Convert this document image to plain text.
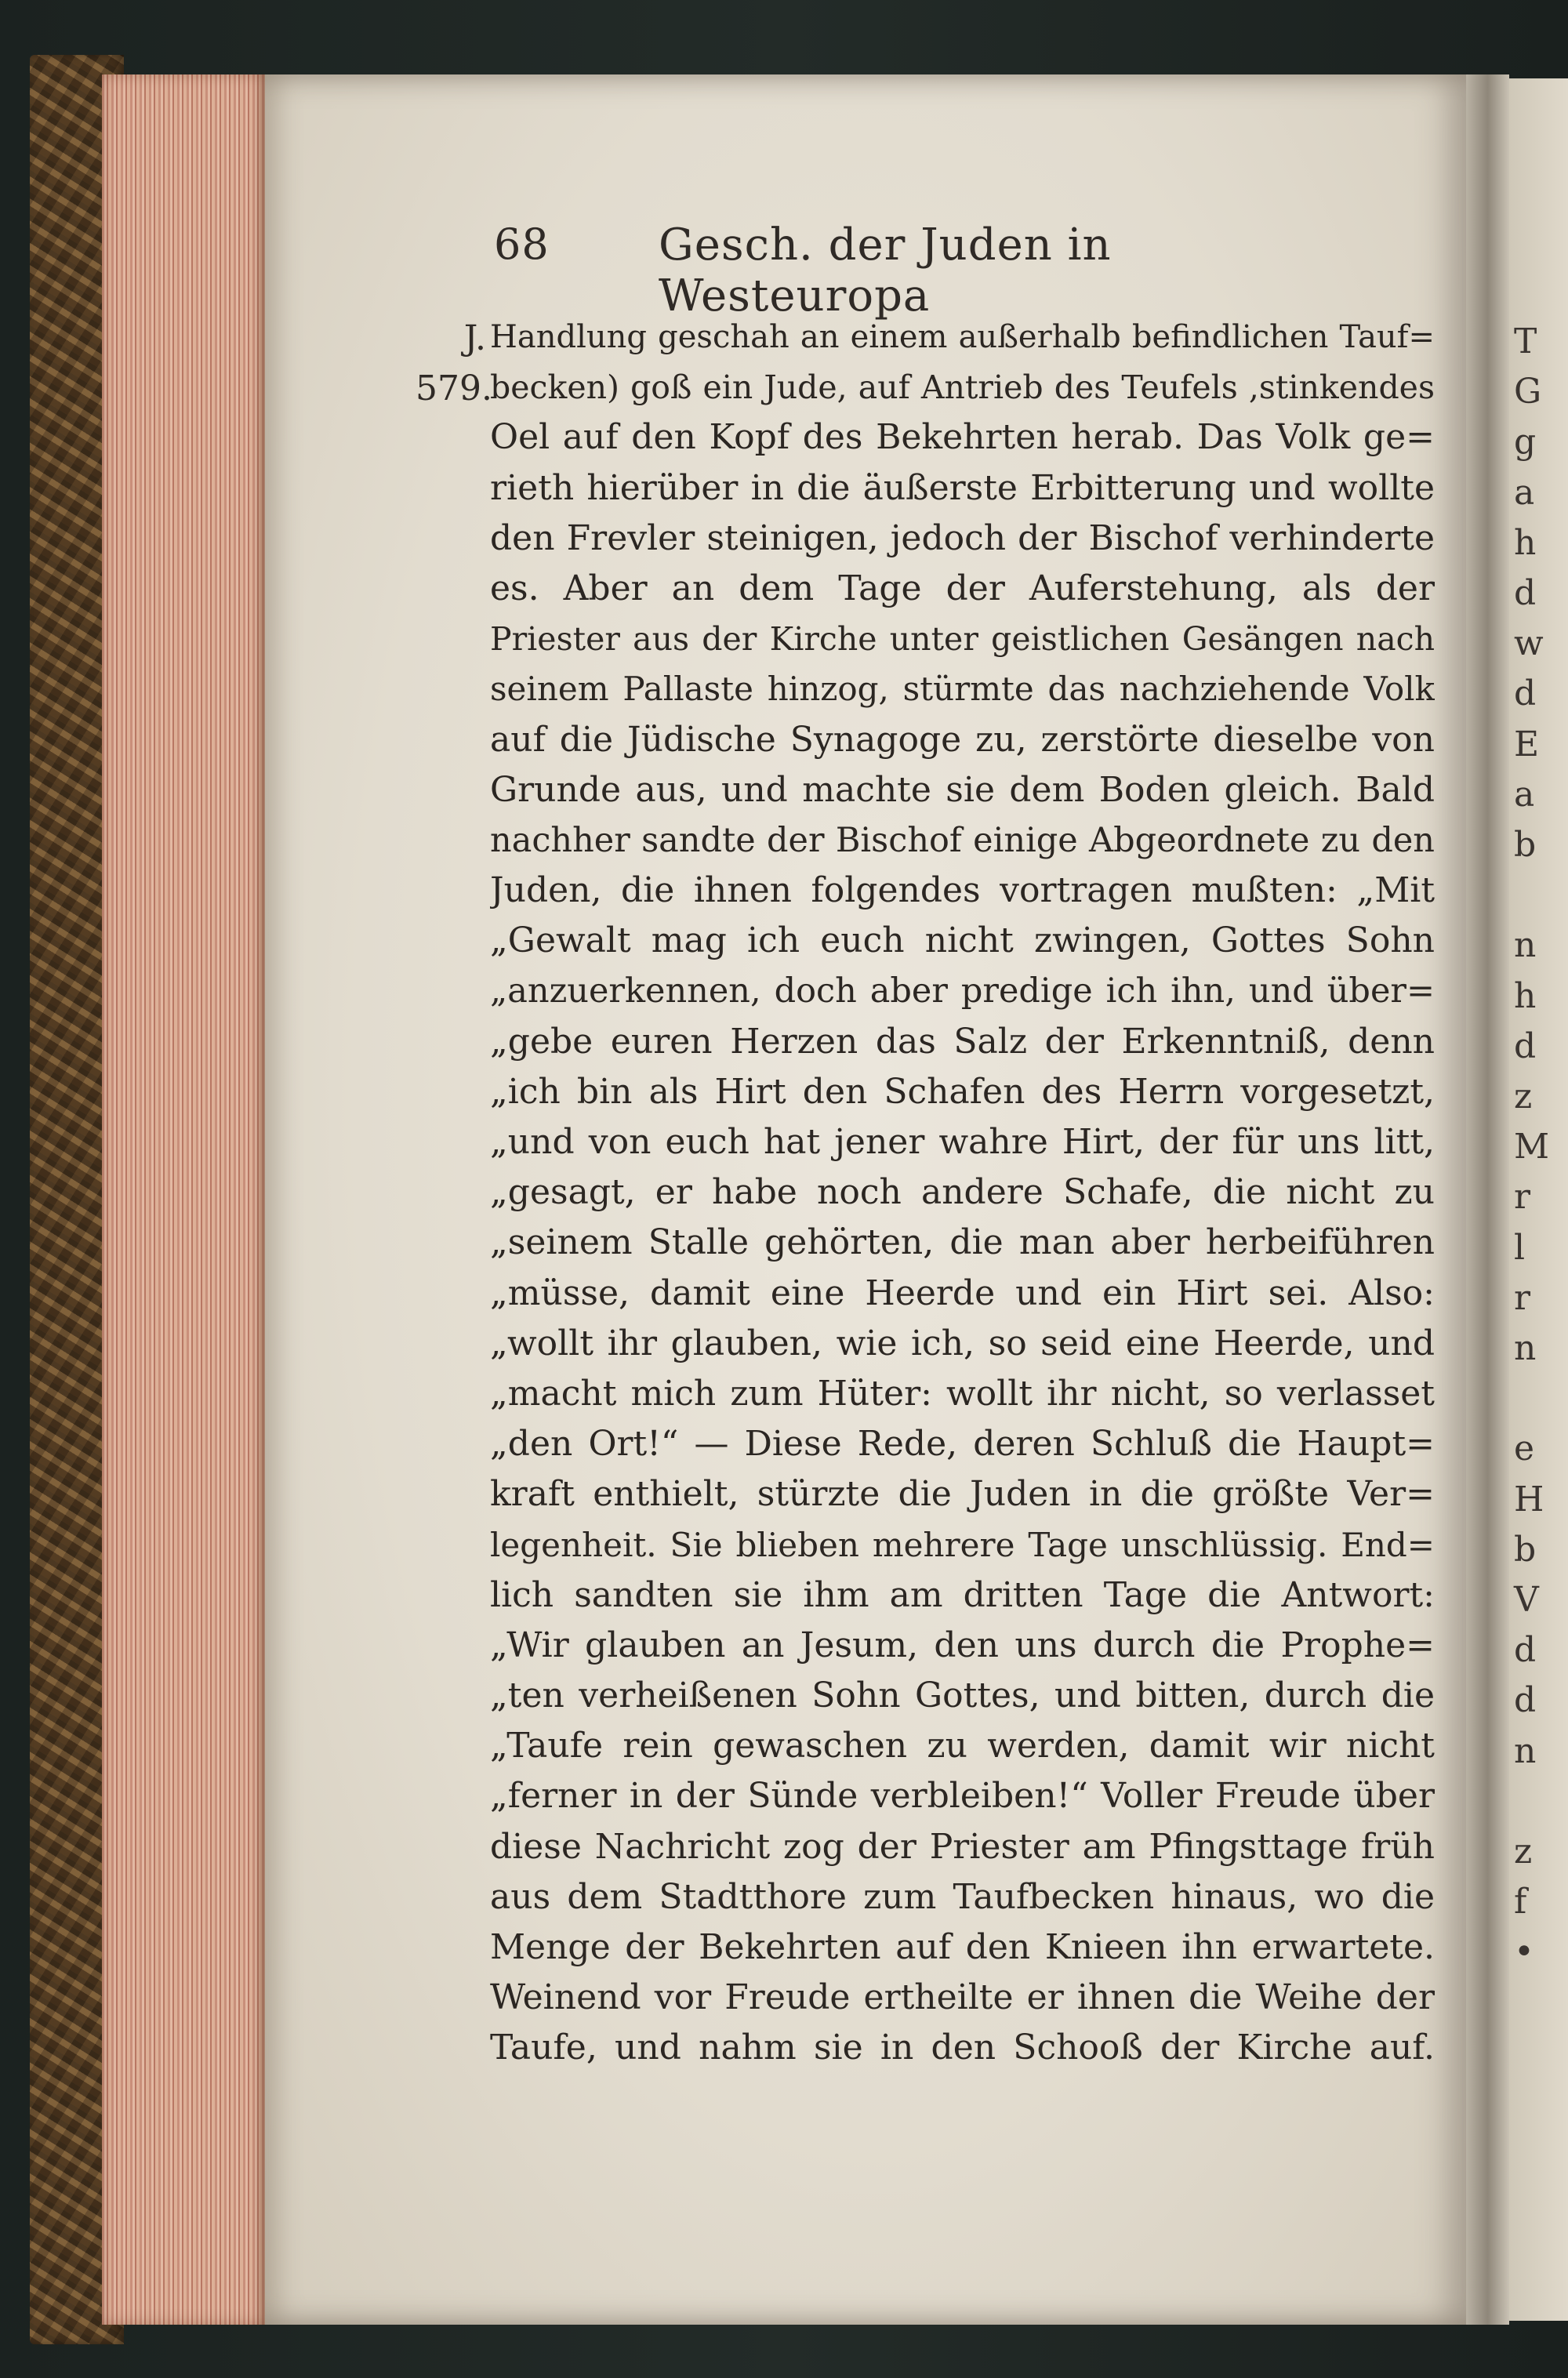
68 Gesch. der Juden in Westeuropa
J.
579.
Handlung geschah an einem außerhalb befindlichen Tauf=
becken) goß ein Jude, auf Antrieb des Teufels ,stinkendes
Oel auf den Kopf des Bekehrten herab. Das Volk ge=
rieth hierüber in die äußerste Erbitterung und wollte
den Frevler steinigen, jedoch der Bischof verhinderte
es. Aber an dem Tage der Auferstehung, als der
Priester aus der Kirche unter geistlichen Gesängen nach
seinem Pallaste hinzog, stürmte das nachziehende Volk
auf die Jüdische Synagoge zu, zerstörte dieselbe von
Grunde aus, und machte sie dem Boden gleich. Bald
nachher sandte der Bischof einige Abgeordnete zu den
Juden, die ihnen folgendes vortragen mußten: „Mit
„Gewalt mag ich euch nicht zwingen, Gottes Sohn
„anzuerkennen, doch aber predige ich ihn, und über=
„gebe euren Herzen das Salz der Erkenntniß, denn
„ich bin als Hirt den Schafen des Herrn vorgesetzt,
„und von euch hat jener wahre Hirt, der für uns litt,
„gesagt, er habe noch andere Schafe, die nicht zu
„seinem Stalle gehörten, die man aber herbeiführen
„müsse, damit eine Heerde und ein Hirt sei. Also:
„wollt ihr glauben, wie ich, so seid eine Heerde, und
„macht mich zum Hüter: wollt ihr nicht, so verlasset
„den Ort!“ — Diese Rede, deren Schluß die Haupt=
kraft enthielt, stürzte die Juden in die größte Ver=
legenheit. Sie blieben mehrere Tage unschlüssig. End=
lich sandten sie ihm am dritten Tage die Antwort:
„Wir glauben an Jesum, den uns durch die Prophe=
„ten verheißenen Sohn Gottes, und bitten, durch die
„Taufe rein gewaschen zu werden, damit wir nicht
„ferner in der Sünde verbleiben!“ Voller Freude über
diese Nachricht zog der Priester am Pfingsttage früh
aus dem Stadtthore zum Taufbecken hinaus, wo die
Menge der Bekehrten auf den Knieen ihn erwartete.
Weinend vor Freude ertheilte er ihnen die Weihe der
Taufe, und nahm sie in den Schooß der Kirche auf.
T
G
g
a
h
d
w
d
E
a
b
n
h
d
z
M
r
l
r
n
e
H
b
V
d
d
n
z
f
•
